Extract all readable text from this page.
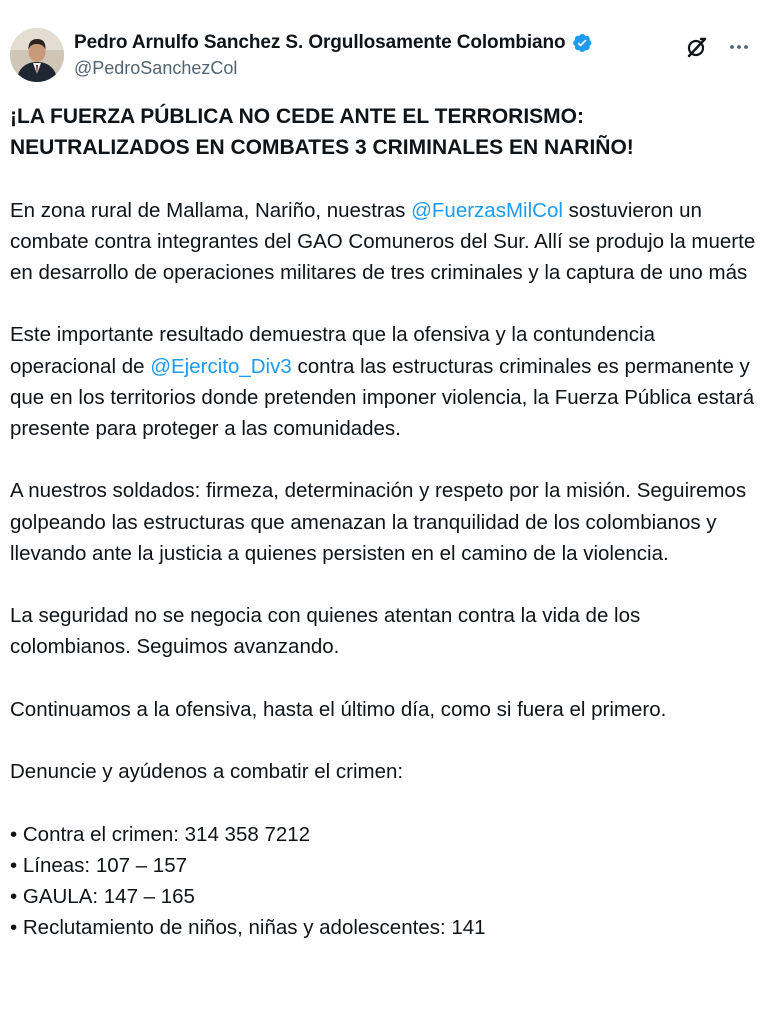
Pedro Arnulfo Sanchez S. Orgullosamente Colombiano
@PedroSanchezCol

¡LA FUERZA PÚBLICA NO CEDE ANTE EL TERRORISMO:
NEUTRALIZADOS EN COMBATES 3 CRIMINALES EN NARIÑO!

En zona rural de Mallama, Nariño, nuestras @FuerzasMilCol sostuvieron un combate contra integrantes del GAO Comuneros del Sur. Allí se produjo la muerte en desarrollo de operaciones militares de tres criminales y la captura de uno más

Este importante resultado demuestra que la ofensiva y la contundencia operacional de @Ejercito_Div3 contra las estructuras criminales es permanente y que en los territorios donde pretenden imponer violencia, la Fuerza Pública estará presente para proteger a las comunidades.

A nuestros soldados: firmeza, determinación y respeto por la misión. Seguiremos golpeando las estructuras que amenazan la tranquilidad de los colombianos y llevando ante la justicia a quienes persisten en el camino de la violencia.

La seguridad no se negocia con quienes atentan contra la vida de los colombianos. Seguimos avanzando.

Continuamos a la ofensiva, hasta el último día, como si fuera el primero.

Denuncie y ayúdenos a combatir el crimen:

• Contra el crimen: 314 358 7212

• Líneas: 107 – 157

• GAULA: 147 – 165

• Reclutamiento de niños, niñas y adolescentes: 141
